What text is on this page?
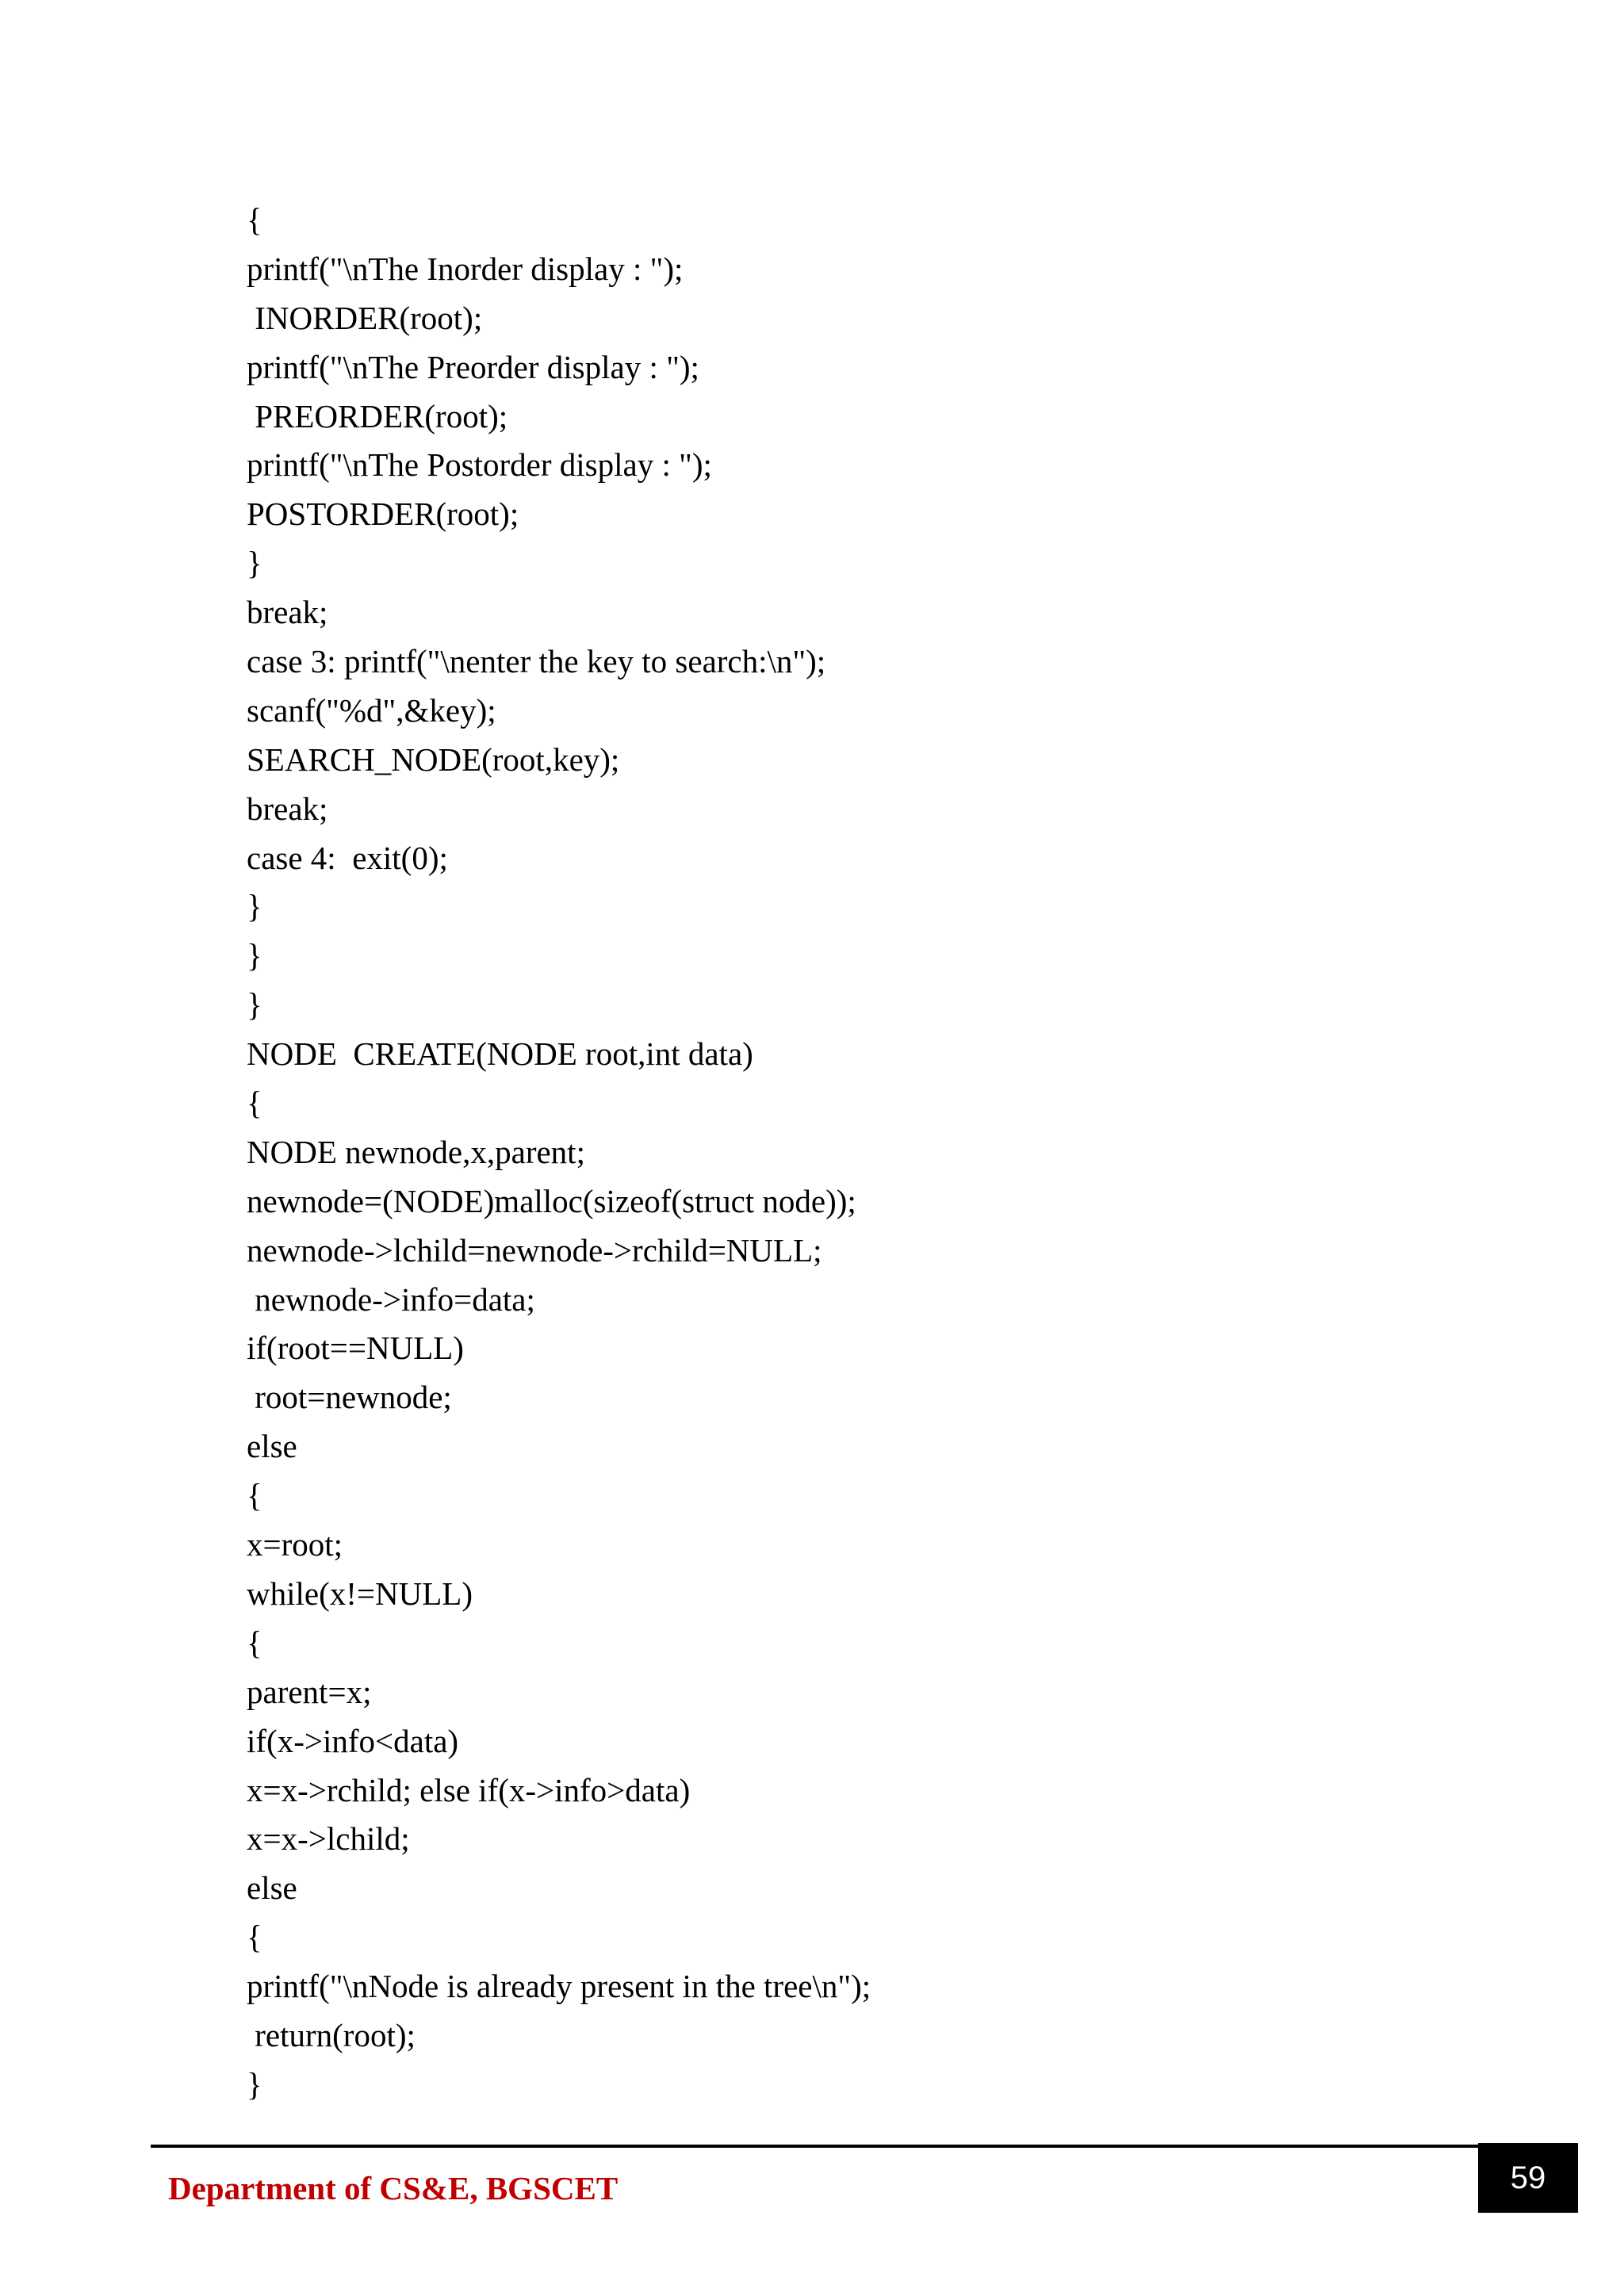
{
printf("\nThe Inorder display : ");
INORDER(root);
printf("\nThe Preorder display : ");
PREORDER(root);
printf("\nThe Postorder display : ");
POSTORDER(root);
}
break;
case 3: printf("\nenter the key to search:\n");
scanf("%d",&key);
SEARCH_NODE(root,key);
break;
case 4:  exit(0);
}
}
}
NODE  CREATE(NODE root,int data)
{
NODE newnode,x,parent;
newnode=(NODE)malloc(sizeof(struct node));
newnode->lchild=newnode->rchild=NULL;
newnode->info=data;
if(root==NULL)
root=newnode;
else
{
x=root;
while(x!=NULL)
{
parent=x;
if(x->info<data)
x=x->rchild; else if(x->info>data)
x=x->lchild;
else
{
printf("\nNode is already present in the tree\n");
return(root);
}
Department of CS&E, BGSCET	59
